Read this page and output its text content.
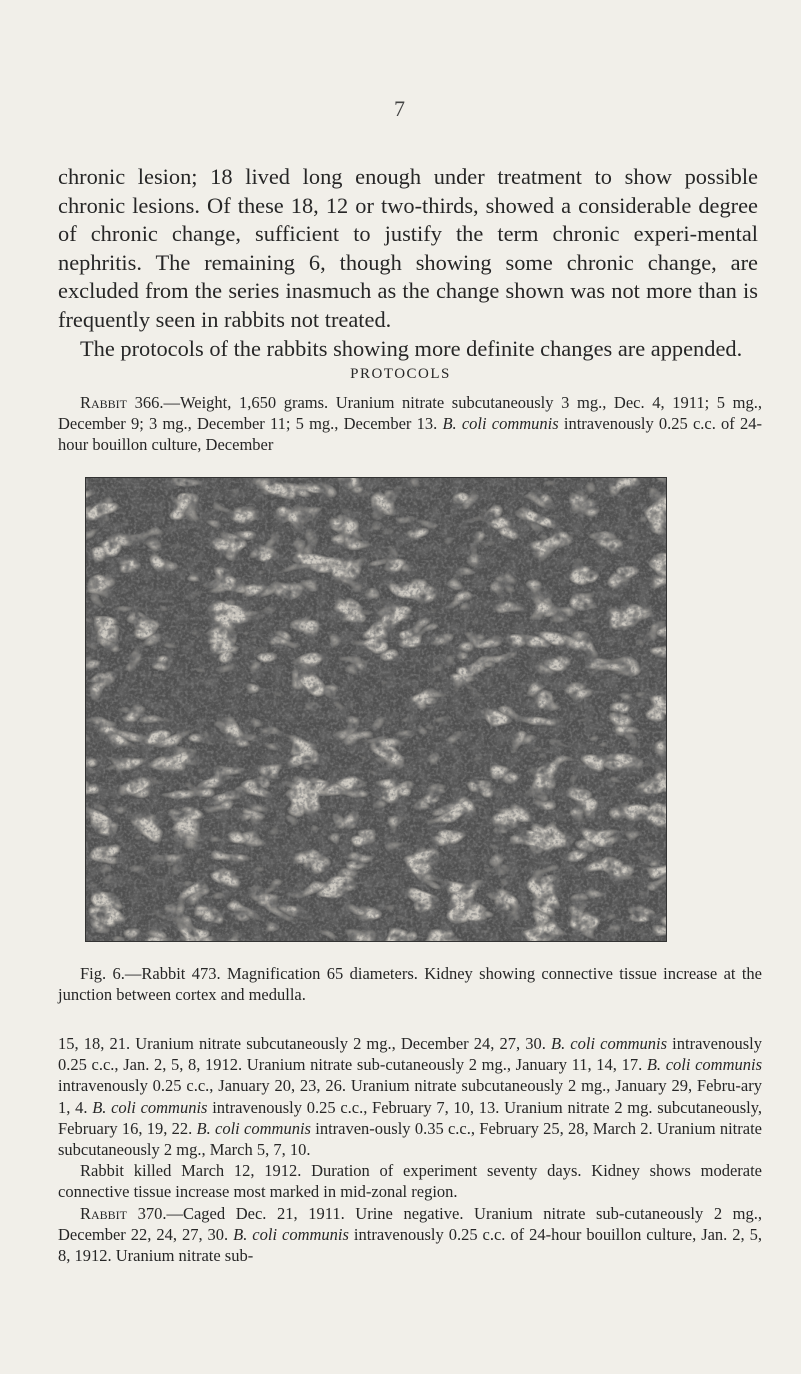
7

chronic lesion; 18 lived long enough under treatment to show possible chronic lesions. Of these 18, 12 or two-thirds, showed a considerable degree of chronic change, sufficient to justify the term chronic experi-mental nephritis. The remaining 6, though showing some chronic change, are excluded from the series inasmuch as the change shown was not more than is frequently seen in rabbits not treated.

The protocols of the rabbits showing more definite changes are appended.

PROTOCOLS

Rabbit 366.—Weight, 1,650 grams. Uranium nitrate subcutaneously 3 mg., Dec. 4, 1911; 5 mg., December 9; 3 mg., December 11; 5 mg., December 13. B. coli communis intravenously 0.25 c.c. of 24-hour bouillon culture, December

Fig. 6.—Rabbit 473. Magnification 65 diameters. Kidney showing connective tissue increase at the junction between cortex and medulla.

15, 18, 21. Uranium nitrate subcutaneously 2 mg., December 24, 27, 30. B. coli communis intravenously 0.25 c.c., Jan. 2, 5, 8, 1912. Uranium nitrate sub-cutaneously 2 mg., January 11, 14, 17. B. coli communis intravenously 0.25 c.c., January 20, 23, 26. Uranium nitrate subcutaneously 2 mg., January 29, Febru-ary 1, 4. B. coli communis intravenously 0.25 c.c., February 7, 10, 13. Uranium nitrate 2 mg. subcutaneously, February 16, 19, 22. B. coli communis intraven-ously 0.35 c.c., February 25, 28, March 2. Uranium nitrate subcutaneously 2 mg., March 5, 7, 10.

Rabbit killed March 12, 1912. Duration of experiment seventy days. Kidney shows moderate connective tissue increase most marked in mid-zonal region.

Rabbit 370.—Caged Dec. 21, 1911. Urine negative. Uranium nitrate sub-cutaneously 2 mg., December 22, 24, 27, 30. B. coli communis intravenously 0.25 c.c. of 24-hour bouillon culture, Jan. 2, 5, 8, 1912. Uranium nitrate sub-
